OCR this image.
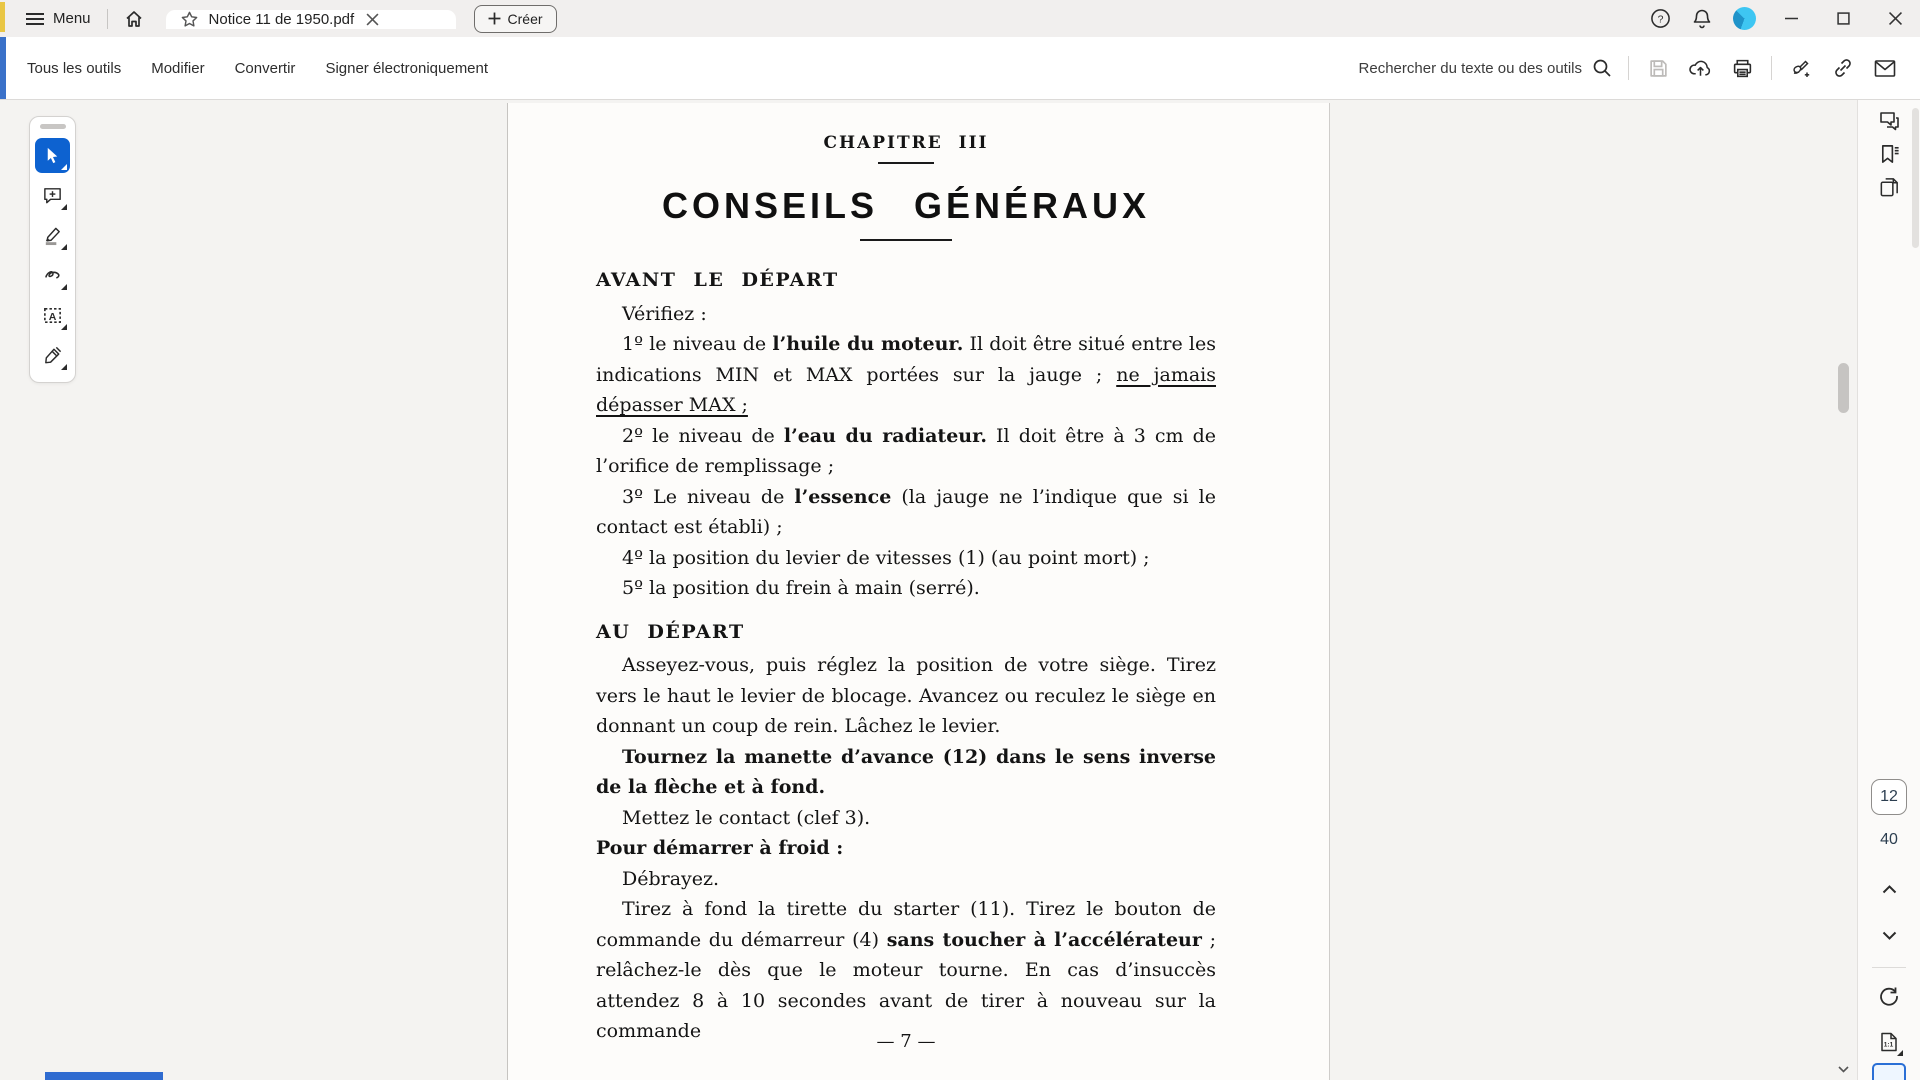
Menu	Notice 11 de 1950.pdf	Créer	?
Tous les outils	Modifier	Convertir	Signer électroniquement	Rechercher du texte ou des outils
A
CHAPITRE III
CONSEILS GÉNÉRAUX
AVANT LE DÉPART

Vérifiez :

1º le niveau de l’huile du moteur. Il doit être situé entre les indications MIN et MAX portées sur la jauge ; ne jamais dépasser MAX ;

2º le niveau de l’eau du radiateur. Il doit être à 3 cm de l’orifice de remplissage ;

3º Le niveau de l’essence (la jauge ne l’indique que si le contact est établi) ;

4º la position du levier de vitesses (1) (au point mort) ;

5º la position du frein à main (serré).

AU DÉPART

Asseyez-vous, puis réglez la position de votre siège. Tirez vers le haut le levier de blocage. Avancez ou reculez le siège en donnant un coup de rein. Lâchez le levier.

Tournez la manette d’avance (12) dans le sens inverse de la flèche et à fond.

Mettez le contact (clef 3).

Pour démarrer à froid :

Débrayez.

Tirez à fond la tirette du starter (11). Tirez le bouton de commande du démarreur (4) sans toucher à l’accélérateur ; relâchez-le dès que le moteur tourne. En cas d’insuccès attendez 8 à 10 secondes avant de tirer à nouveau sur la commande	— 7 —
12
40
1:1
